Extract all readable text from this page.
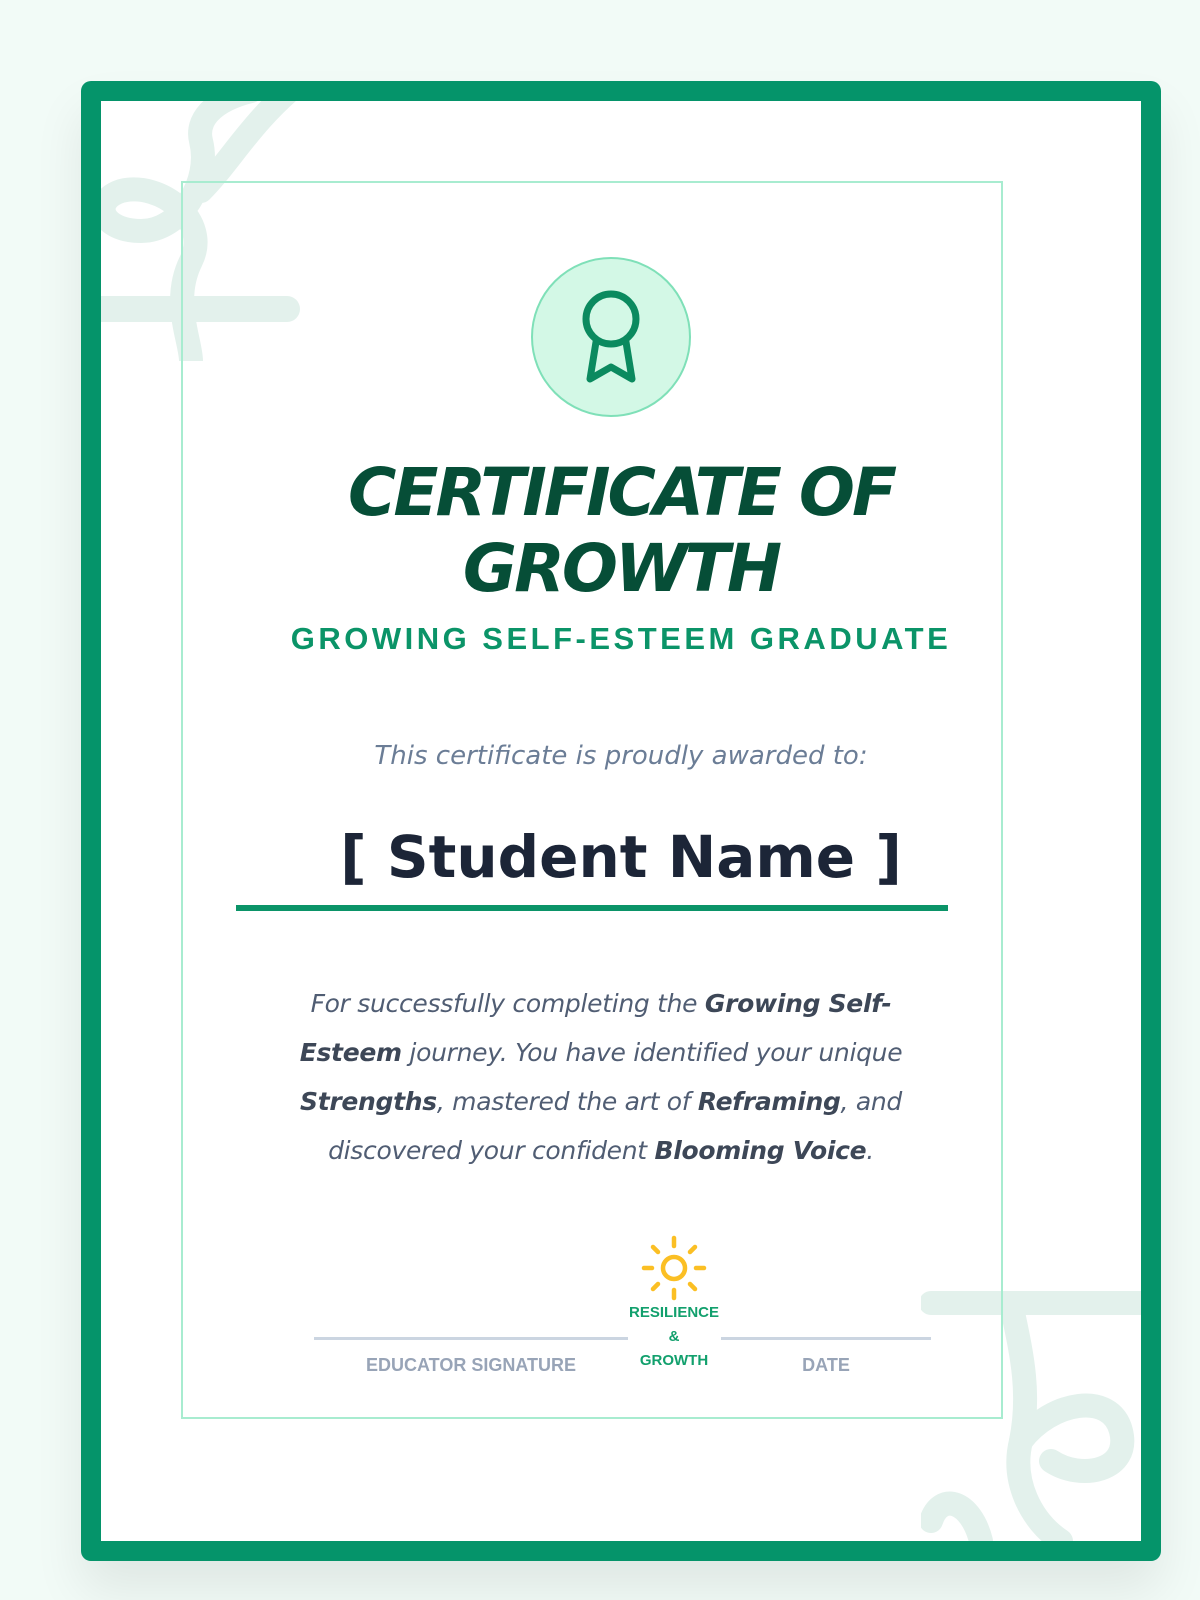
CERTIFICATE OF
GROWTH
GROWING SELF-ESTEEM GRADUATE
This certificate is proudly awarded to:
[ Student Name ]

For successfully completing the Growing Self-Esteem journey. You have identified your unique Strengths, mastered the art of Reframing, and discovered your confident Blooming Voice.

RESILIENCE
&
GROWTH
EDUCATOR SIGNATURE	DATE
